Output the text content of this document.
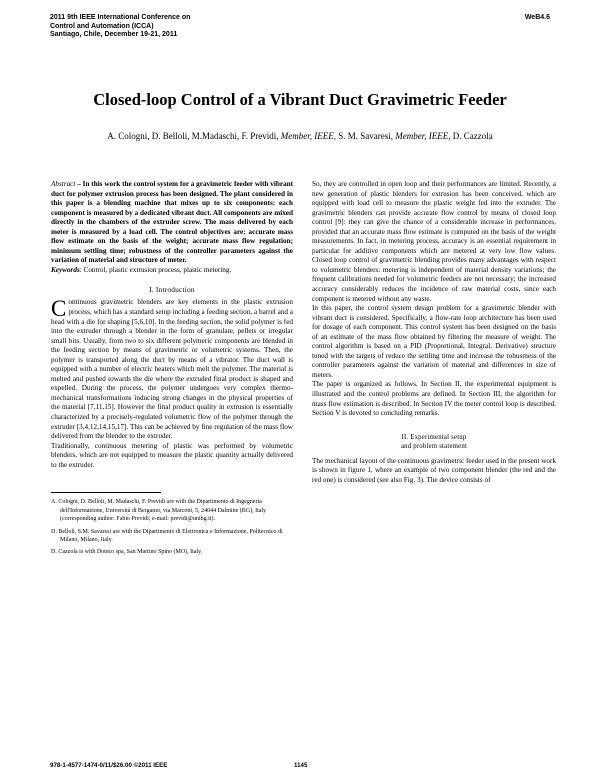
2011 9th IEEE International Conference on
Control and Automation (ICCA)
Santiago, Chile, December 19-21, 2011
WeB4.6
Closed-loop Control of a Vibrant Duct Gravimetric Feeder
A. Cologni, D. Belloli, M.Madaschi, F. Previdi, Member, IEEE, S. M. Savaresi, Member, IEEE, D. Cazzola

Abstract – In this work the control system for a gravimetric feeder with vibrant duct for polymer extrusion process has been designed. The plant considered in this paper is a blending machine that mixes up to six components: each component is measured by a dedicated vibrant duct. All components are mixed directly in the chambers of the extruder screw. The mass delivered by each meter is measured by a load cell. The control objectives are: accurate mass flow estimate on the basis of the weight; accurate mass flow regulation; minimum settling time; robustness of the controller parameters against the variation of material and structure of meter.

Keywords: Control, plastic extrusion process, plastic metering.

I. Introduction

Continuous gravimetric blenders are key elements in the plastic extrusion process, which has a standard setup including a feeding section, a barrel and a head with a die for shaping [5,6,10]. In the feeding section, the solid polymer is fed into the extruder through a blender in the form of granulate, pellets or irregular small bits. Usually, from two to six different polymeric components are blended in the feeding section by means of gravimetric or volumetric systems. Then, the polymer is transported along the duct by means of a vibrator. The duct wall is equipped with a number of electric heaters which melt the polymer. The material is melted and pushed towards the die where the extruded final product is shaped and expelled. During the process, the polymer undergoes very complex thermo-mechanical transformations inducing strong changes in the physical properties of the material [7,11,15]. However the final product quality in extrusion is essentially characterized by a precisely-regulated volumetric flow of the polymer through the extruder [3,4,12,14,15,17]. This can be achieved by fine regulation of the mass flow delivered from the blender to the extruder.

Traditionally, continuous metering of plastic was performed by volumetric blenders, which are not equipped to measure the plastic quantity actually delivered to the extruder.

A. Cologni, D. Belloli, M. Madaschi, F. Previdi are with the Dipartimento di Ingegneria dell'Informazione, Università di Bergamo, via Marconi, 5, 24044 Dalmine (BG), Italy (corresponding author: Fabio Previdi; e-mail: previdi@unibg.it).

D. Belloli, S.M. Savaresi are with the Dipartimento di Elettronica e Informazione, Politecnico di Milano, Milano, Italy.

D. Cazzola is with Doteco spa, San Martino Spino (MO), Italy.

So, they are controlled in open loop and their performances are limited. Recently, a new generation of plastic blenders for extrusion has been conceived, which are equipped with load cell to measure the plastic weight fed into the extruder. The gravimetric blenders can provide accurate flow control by means of closed loop control [9]: they can give the chance of a considerable increase in performances, provided that an accurate mass flow estimate is computed on the basis of the weight measurements. In fact, in metering process, accuracy is an essential requirement in particular for additive components which are metered at very low flow values. Closed loop control of gravimetric blending provides many advantages with respect to volumetric blenders: metering is independent of material density variations; the frequent calibrations needed for volumetric feeders are not necessary; the increased accuracy considerably reduces the incidence of raw material costs, since each component is metered without any waste.

In this paper, the control system design problem for a gravimetric blender with vibrant duct is considered. Specifically, a flow-rate loop architecture has been used for dosage of each component. This control system has been designed on the basis of an estimate of the mass flow obtained by filtering the measure of weight. The control algorithm is based on a PID (Proportional, Integral, Derivative) structure tuned with the targets of reduce the settling time and increase the robustness of the controller parameters against the variation of material and differences in size of meters.

The paper is organized as follows. In Section II, the experimental equipment is illustrated and the control problems are defined. In Section III, the algorithm for mass flow estimation is described. In Section IV the meter control loop is described. Section V is devoted to concluding remarks.

II. Experimental setup
and problem statement

The mechanical layout of the continuous gravimetric feeder used in the present work is shown in figure 1, where an example of two component blender (the red and the red one) is considered (see also Fig. 3). The device consists of

978-1-4577-1474-0/11/$26.00 ©2011 IEEE	1145
